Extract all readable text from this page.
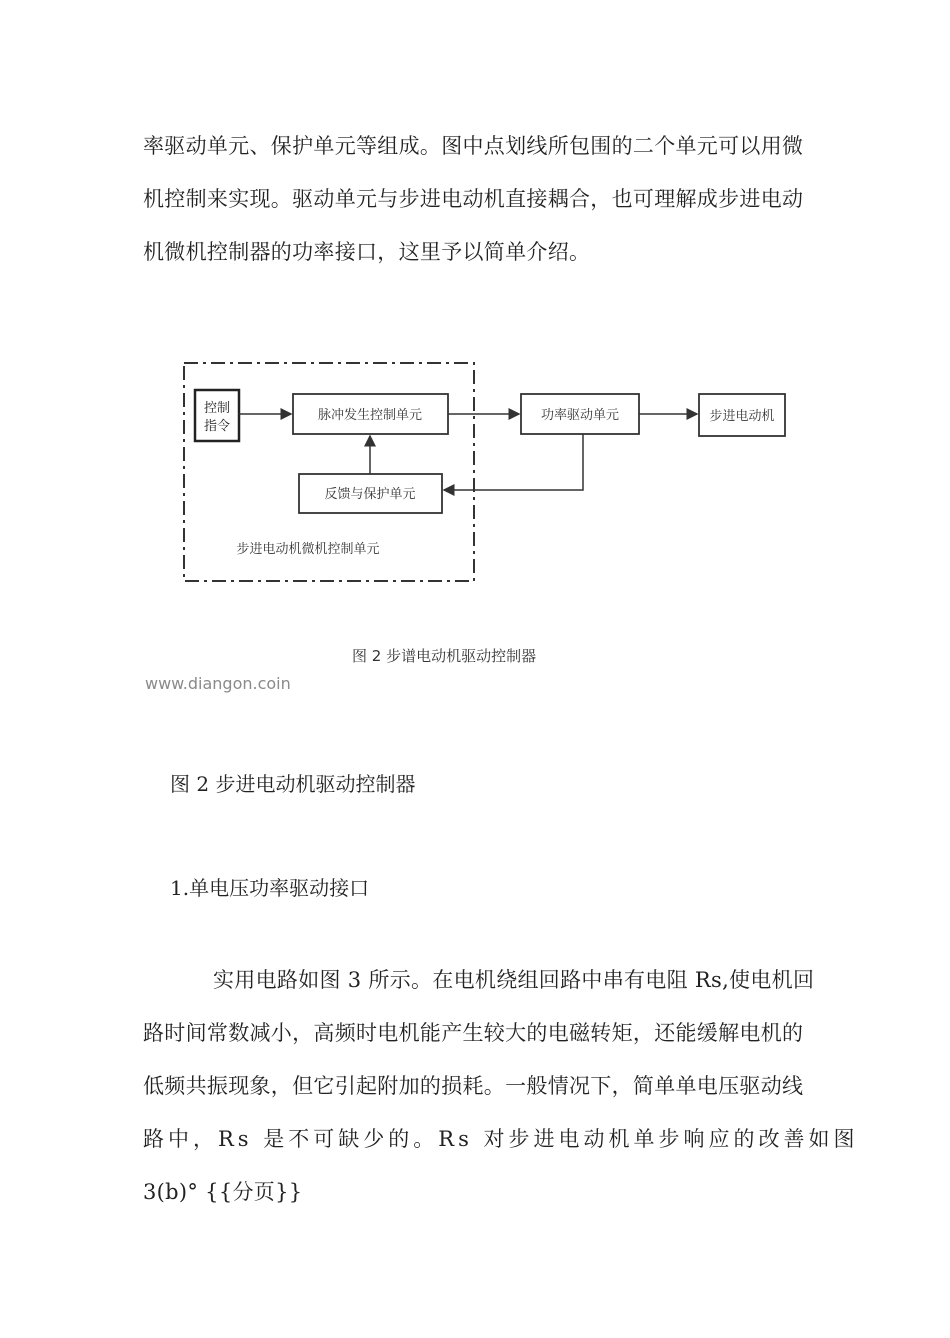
率驱动单元、保护单元等组成。图中点划线所包围的二个单元可以用微
机控制来实现。驱动单元与步进电动机直接耦合，也可理解成步进电动
机微机控制器的功率接口，这里予以简单介绍。
控制
指令
脉冲发生控制单元	功率驱动单元	步进电动机
反馈与保护单元
步进电动机微机控制单元
图 2 步谱电动机驱动控制器
www.diangon.coin

图 2 步进电动机驱动控制器

1.单电压功率驱动接口

实用电路如图 3 所示。在电机绕组回路中串有电阻 Rs,使电机回
路时间常数减小，高频时电机能产生较大的电磁转矩，还能缓解电机的
低频共振现象，但它引起附加的损耗。一般情况下，简单单电压驱动线
路中，Rs 是不可缺少的。Rs 对步进电动机单步响应的改善如图
3(b)° {{分页}}
